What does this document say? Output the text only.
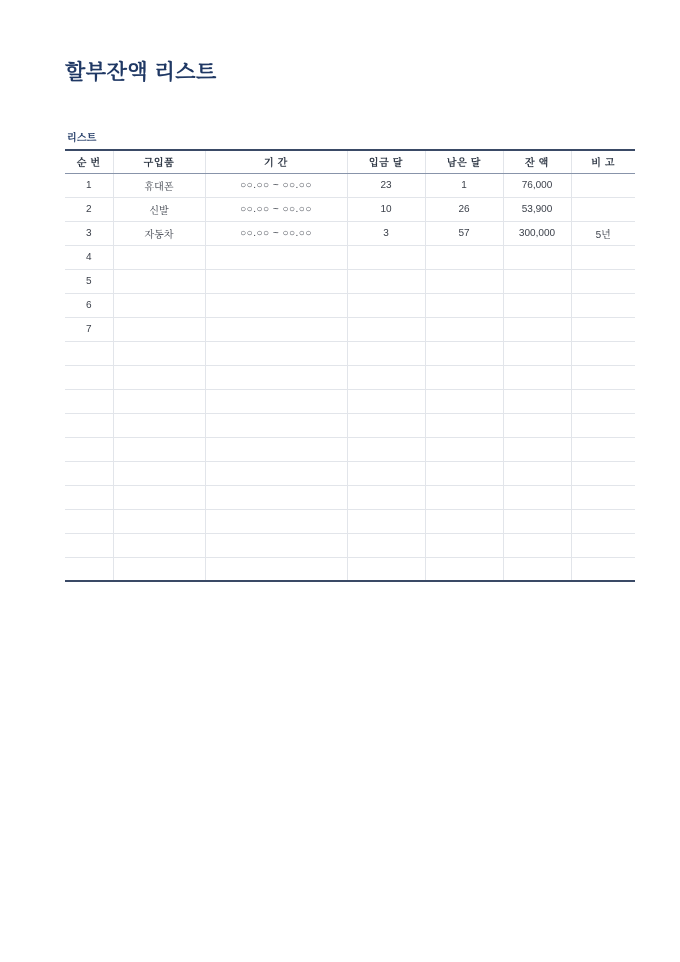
할부잔액 리스트
리스트
순 번	구입품	기 간	입금 달	남은 달	잔 액	비 고
1	휴대폰	○○.○○ ~ ○○.○○	23	1	76,000	
2	신발	○○.○○ ~ ○○.○○	10	26	53,900	
3	자동차	○○.○○ ~ ○○.○○	3	57	300,000	5년
4						
5						
6						
7						
